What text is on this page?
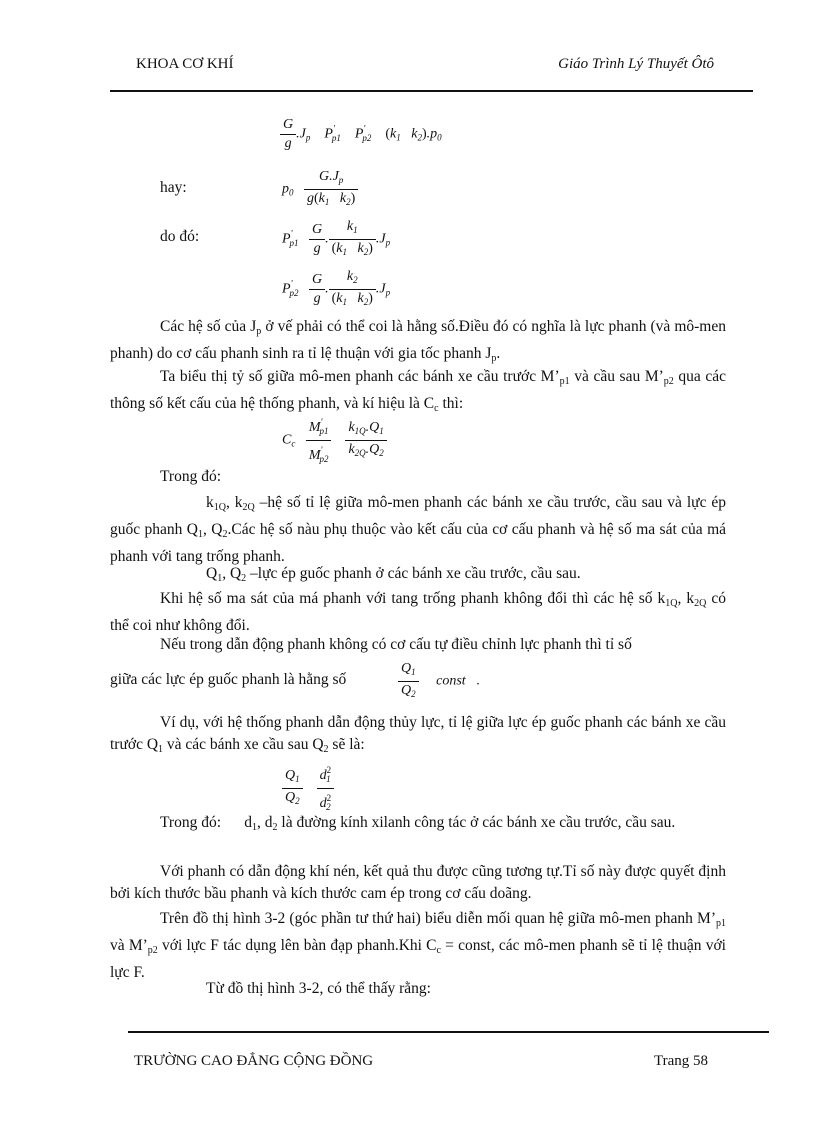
KHOA CƠ KHÍ	Giáo Trình Lý Thuyết Ôtô
$\frac{G}{g} .J_p$    $P'_{p1}$    $P'_{p2}$ ($k_1$   $k_2).p_0$
hay:	$p_0 \frac{G.J_p}{g(k_1 k_2)}$
do đó:	$P'_{p1} \frac{G}{g}$ . $\frac{k_1}{(k_1 k_2)} .J_p$
$P'_{p2} \frac{G}{g}$ . $\frac{k_2}{(k_1 k_2)} .J_p$
Các hệ số của Jp ở vế phải có thể coi là hằng số.Điều đó có nghĩa là lực phanh (và mô-men phanh) do cơ cấu phanh sinh ra tỉ lệ thuận với gia tốc phanh Jp.
Ta biểu thị tỷ số giữa mô-men phanh các bánh xe cầu trước M’p1 và cầu sau M’p2 qua các thông số kết cấu của hệ thống phanh, và kí hiệu là Cc thì:
$C_c \frac{M'_{p1}}{M'_{p2}}$
$\frac{k_{1Q}.Q_1}{k_{2Q}.Q_2}$
Trong đó:
k1Q, k2Q –hệ số tỉ lệ giữa mô-men phanh các bánh xe cầu trước, cầu sau và lực ép guốc phanh Q1, Q2.Các hệ số nàu phụ thuộc vào kết cấu của cơ cấu phanh và hệ số ma sát của má phanh với tang trống phanh.
Q1, Q2 –lực ép guốc phanh ở các bánh xe cầu trước, cầu sau.
Khi hệ số ma sát của má phanh với tang trống phanh không đổi thì các hệ số k1Q, k2Q có thể coi như không đổi.
Nếu trong dẫn động phanh không có cơ cấu tự điều chỉnh lực phanh thì tỉ số
giữa các lực ép guốc phanh là hằng số	$\frac{Q_1}{Q_2}$ const .
Ví dụ, với hệ thống phanh dẫn động thủy lực, tỉ lệ giữa lực ép guốc phanh các bánh xe cầu trước Q1 và các bánh xe cầu sau Q2 sẽ là:
$\frac{Q_1}{Q_2}$
$\frac{d^2_1}{d^2_2}$
Trong đó: d1, d2 là đường kính xilanh công tác ở các bánh xe cầu trước, cầu sau.
Với phanh có dẫn động khí nén, kết quả thu được cũng tương tự.Tỉ số này được quyết định bởi kích thước bầu phanh và kích thước cam ép trong cơ cấu doãng.
Trên đồ thị hình 3-2 (góc phần tư thứ hai) biểu diễn mối quan hệ giữa mô-men phanh M’p1 và M’p2 với lực F tác dụng lên bàn đạp phanh.Khi Cc = const, các mô-men phanh sẽ tỉ lệ thuận với lực F.
Từ đồ thị hình 3-2, có thể thấy rằng:
TRƯỜNG CAO ĐẲNG CỘNG ĐỒNG	Trang 58
